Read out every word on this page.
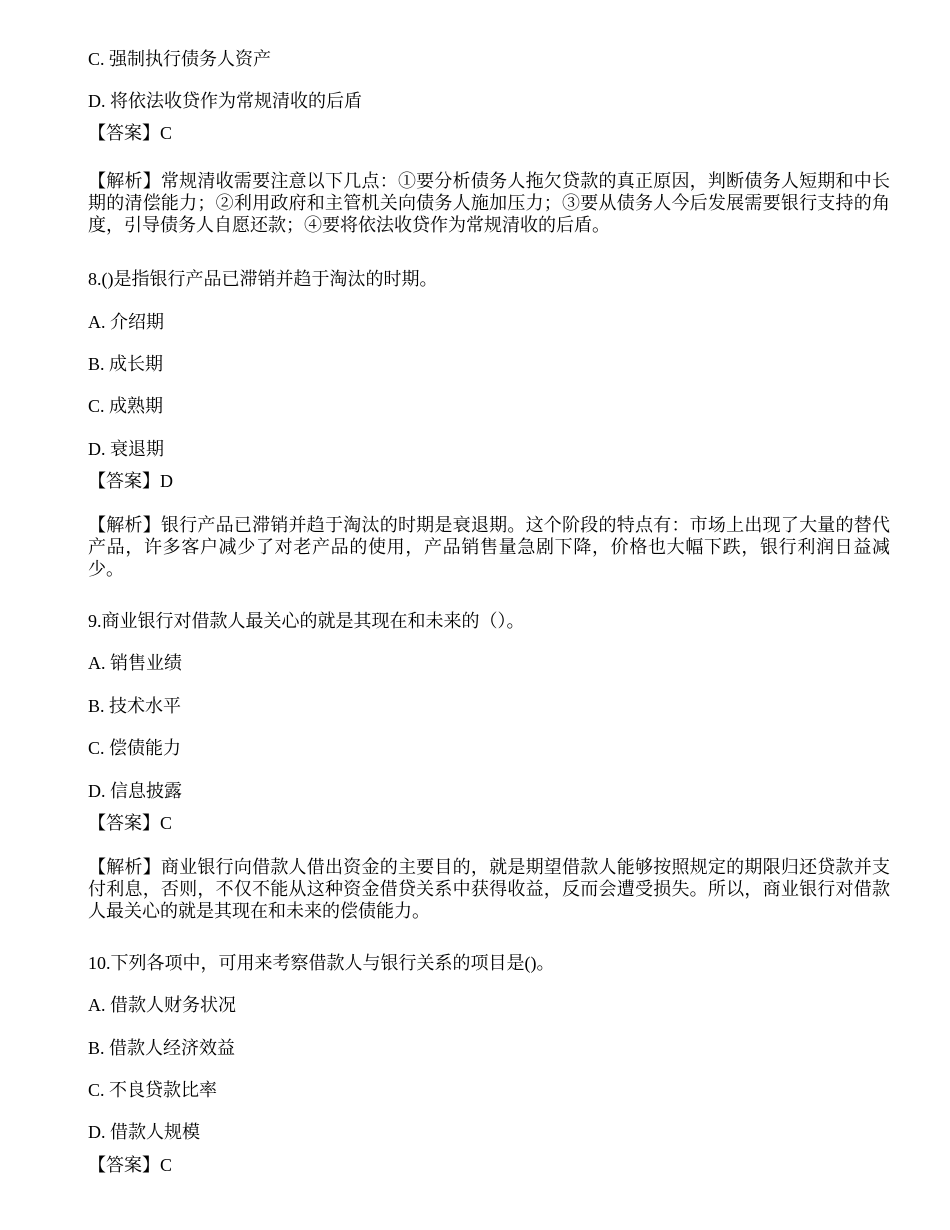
C. 强制执行债务人资产
D. 将依法收贷作为常规清收的后盾
【答案】C
【解析】常规清收需要注意以下几点：①要分析债务人拖欠贷款的真正原因，判断债务人短期和中长期的清偿能力；②利用政府和主管机关向债务人施加压力；③要从债务人今后发展需要银行支持的角度，引导债务人自愿还款；④要将依法收贷作为常规清收的后盾。
8.()是指银行产品已滞销并趋于淘汰的时期。
A. 介绍期
B. 成长期
C. 成熟期
D. 衰退期
【答案】D
【解析】银行产品已滞销并趋于淘汰的时期是衰退期。这个阶段的特点有：市场上出现了大量的替代产品，许多客户减少了对老产品的使用，产品销售量急剧下降，价格也大幅下跌，银行利润日益减少。
9.商业银行对借款人最关心的就是其现在和未来的（）。
A. 销售业绩
B. 技术水平
C. 偿债能力
D. 信息披露
【答案】C
【解析】商业银行向借款人借出资金的主要目的，就是期望借款人能够按照规定的期限归还贷款并支付利息，否则，不仅不能从这种资金借贷关系中获得收益，反而会遭受损失。所以，商业银行对借款人最关心的就是其现在和未来的偿债能力。
10.下列各项中，可用来考察借款人与银行关系的项目是()。
A. 借款人财务状况
B. 借款人经济效益
C. 不良贷款比率
D. 借款人规模
【答案】C
